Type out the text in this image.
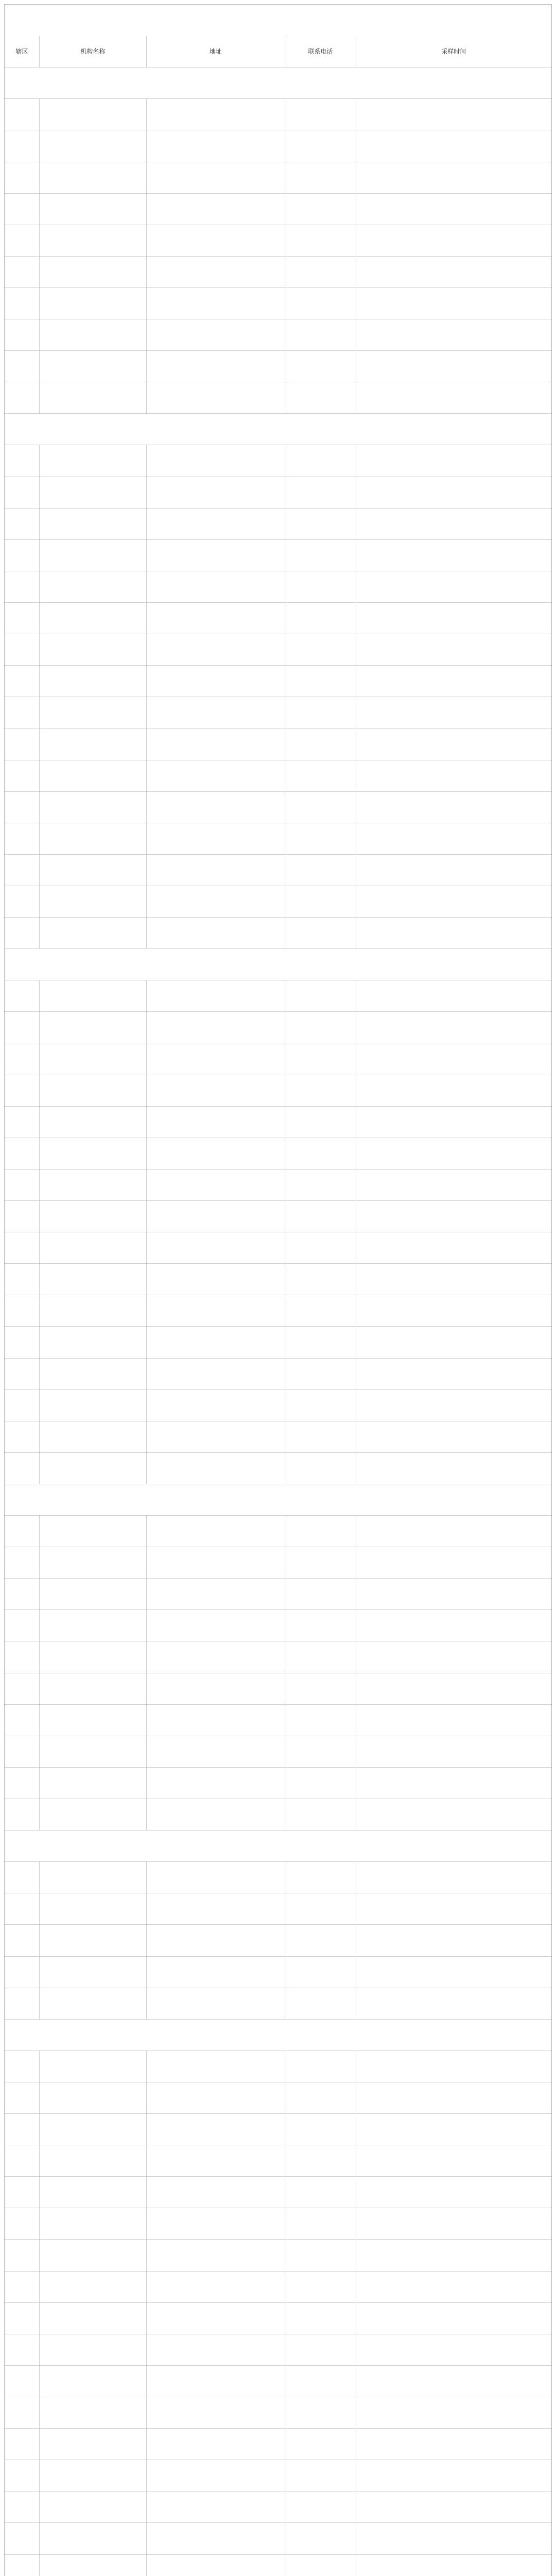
辖区	机构名称	地址	联系电话	采样时间
